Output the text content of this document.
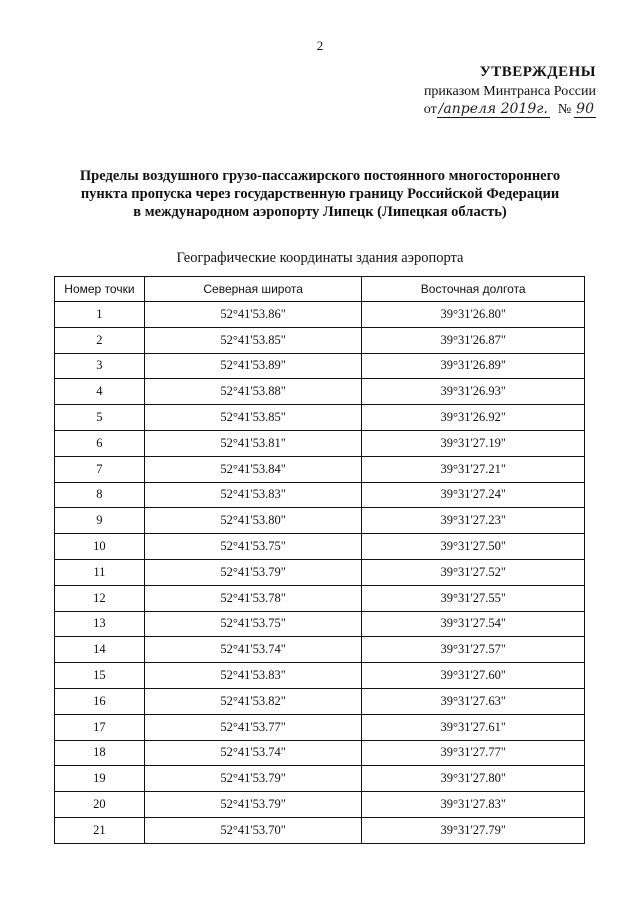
2
УТВЕРЖДЕНЫ
приказом Минтранса России
от /апреля 2019г. № 90
Пределы воздушного грузо-пассажирского постоянного многостороннего
пункта пропуска через государственную границу Российской Федерации
в международном аэропорту Липецк (Липецкая область)
Географические координаты здания аэропорта
Номер точки	Северная широта	Восточная долгота
1	52°41'53.86"	39°31'26.80"
2	52°41'53.85"	39°31'26.87"
3	52°41'53.89"	39°31'26.89"
4	52°41'53.88"	39°31'26.93"
5	52°41'53.85"	39°31'26.92"
6	52°41'53.81"	39°31'27.19"
7	52°41'53.84"	39°31'27.21"
8	52°41'53.83"	39°31'27.24"
9	52°41'53.80"	39°31'27.23"
10	52°41'53.75"	39°31'27.50"
11	52°41'53.79"	39°31'27.52"
12	52°41'53.78"	39°31'27.55"
13	52°41'53.75"	39°31'27.54"
14	52°41'53.74"	39°31'27.57"
15	52°41'53.83"	39°31'27.60"
16	52°41'53.82"	39°31'27.63"
17	52°41'53.77"	39°31'27.61"
18	52°41'53.74"	39°31'27.77"
19	52°41'53.79"	39°31'27.80"
20	52°41'53.79"	39°31'27.83"
21	52°41'53.70"	39°31'27.79"
